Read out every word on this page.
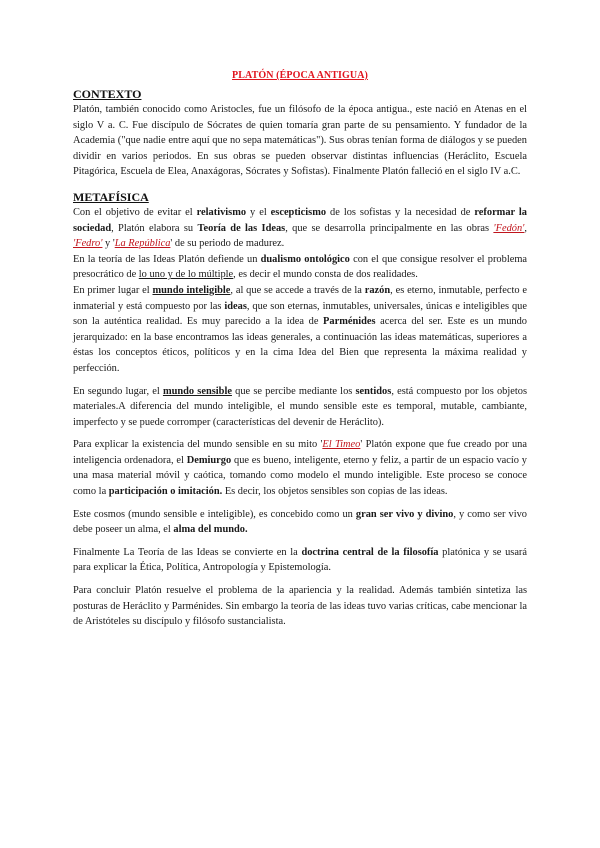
PLATÓN (ÉPOCA ANTIGUA)
CONTEXTO

Platón, también conocido como Aristocles, fue un filósofo de la época antigua., este nació en Atenas en el siglo V a. C. Fue discípulo de Sócrates de quien tomaría gran parte de su pensamiento. Y fundador de la Academia ("que nadie entre aquí que no sepa matemáticas"). Sus obras tenían forma de diálogos y se pueden dividir en varios periodos. En sus obras se pueden observar distintas influencias (Heráclito, Escuela Pitagórica, Escuela de Elea, Anaxágoras, Sócrates y Sofistas). Finalmente Platón falleció en el siglo IV a.C.

METAFÍSICA

Con el objetivo de evitar el relativismo y el escepticismo de los sofistas y la necesidad de reformar la sociedad, Platón elabora su Teoría de las Ideas, que se desarrolla principalmente en las obras 'Fedón', 'Fedro' y 'La República' de su periodo de madurez.

En la teoría de las Ideas Platón defiende un dualismo ontológico con el que consigue resolver el problema presocrático de lo uno y de lo múltiple, es decir el mundo consta de dos realidades.

En primer lugar el mundo inteligible, al que se accede a través de la razón, es eterno, inmutable, perfecto e inmaterial y está compuesto por las ideas, que son eternas, inmutables, universales, únicas e inteligibles que son la auténtica realidad. Es muy parecido a la idea de Parménides acerca del ser. Este es un mundo jerarquizado: en la base encontramos las ideas generales, a continuación las ideas matemáticas, superiores a éstas los conceptos éticos, políticos y en la cima Idea del Bien que representa la máxima realidad y perfección.

En segundo lugar, el mundo sensible que se percibe mediante los sentidos, está compuesto por los objetos materiales.A diferencia del mundo inteligible, el mundo sensible este es temporal, mutable, cambiante, imperfecto y se puede corromper (características del devenir de Heráclito).

Para explicar la existencia del mundo sensible en su mito 'El Timeo' Platón expone que fue creado por una inteligencia ordenadora, el Demiurgo que es bueno, inteligente, eterno y feliz, a partir de un espacio vacío y una masa material móvil y caótica, tomando como modelo el mundo inteligible. Este proceso se conoce como la participación o imitación. Es decir, los objetos sensibles son copias de las ideas.

Este cosmos (mundo sensible e inteligible), es concebido como un gran ser vivo y divino, y como ser vivo debe poseer un alma, el alma del mundo.

Finalmente La Teoría de las Ideas se convierte en la doctrina central de la filosofía platónica y se usará para explicar la Ética, Política, Antropología y Epistemología.

Para concluir Platón resuelve el problema de la apariencia y la realidad. Además también sintetiza las posturas de Heráclito y Parménides. Sin embargo la teoría de las ideas tuvo varias críticas, cabe mencionar la de Aristóteles su discípulo y filósofo sustancialista.
